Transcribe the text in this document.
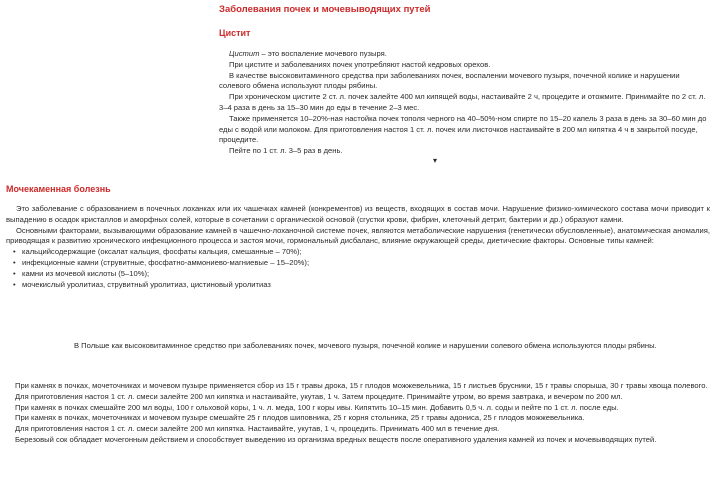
Заболевания почек и мочевыводящих путей
Цистит

Цистит – это воспаление мочевого пузыря.

При цистите и заболеваниях почек употребляют настой кедровых орехов.

В качестве высоковитаминного средства при заболеваниях почек, воспалении мочевого пузыря, почечной колике и нарушении солевого обмена используют плоды рябины.

При хроническом цистите 2 ст. л. почек залейте 400 мл кипящей воды, настаивайте 2 ч, процедите и отожмите. Принимайте по 2 ст. л. 3–4 раза в день за 15–30 мин до еды в течение 2–3 мес.

Также применяется 10–20%-ная настойка почек тополя черного на 40–50%-ном спирте по 15–20 капель 3 раза в день за 30–60 мин до еды с водой или молоком. Для приготовления настоя 1 ст. л. почек или листочков настаивайте в 200 мл кипятка 4 ч в закрытой посуде, процедите.

Пейте по 1 ст. л. 3–5 раз в день.

▾
Мочекаменная болезнь

Это заболевание с образованием в почечных лоханках или их чашечках камней (конкрементов) из веществ, входящих в состав мочи. Нарушение физико-химического состава мочи приводит к выпадению в осадок кристаллов и аморфных солей, которые в сочетании с органической основой (сгустки крови, фибрин, клеточный детрит, бактерии и др.) образуют камни.

Основными факторами, вызывающими образование камней в чашечно-лоханочной системе почек, являются метаболические нарушения (генетически обусловленные), анатомическая аномалия, приводящая к развитию хронического инфекционного процесса и застоя мочи, гормональный дисбаланс, влияние окружающей среды, диетические факторы. Основные типы камней:

• кальцийсодержащие (оксалат кальция, фосфаты кальция, смешанные – 70%);
• инфекционные камни (струвитные, фосфатно-аммониево-магниевые – 15–20%);
• камни из мочевой кислоты (5–10%);
• мочекислый уролитиаз, струвитный уролитиаз, цистиновый уролитиаз
В Польше как высоковитаминное средство при заболеваниях почек, мочевого пузыря, почечной колике и нарушении солевого обмена используются плоды рябины.

При камнях в почках, мочеточниках и мочевом пузыре применяется сбор из 15 г травы дрока, 15 г плодов можжевельника, 15 г листьев брусники, 15 г травы спорыша, 30 г травы хвоща полевого.

Для приготовления настоя 1 ст. л. смеси залейте 200 мл кипятка и настаивайте, укутав, 1 ч. Затем процедите. Принимайте утром, во время завтрака, и вечером по 200 мл.

При камнях в почках смешайте 200 мл воды, 100 г ольховой коры, 1 ч. л. меда, 100 г коры ивы. Кипятить 10–15 мин. Добавить 0,5 ч. л. соды и пейте по 1 ст. л. после еды.

При камнях в почках, мочеточниках и мочевом пузыре смешайте 25 г плодов шиповника, 25 г корня стольника, 25 г травы адониса, 25 г плодов можжевельника.

Для приготовления настоя 1 ст. л. смеси залейте 200 мл кипятка. Настаивайте, укутав, 1 ч, процедить. Принимать 400 мл в течение дня.

Березовый сок обладает мочегонным действием и способствует выведению из организма вредных веществ после оперативного удаления камней из почек и мочевыводящих путей.
